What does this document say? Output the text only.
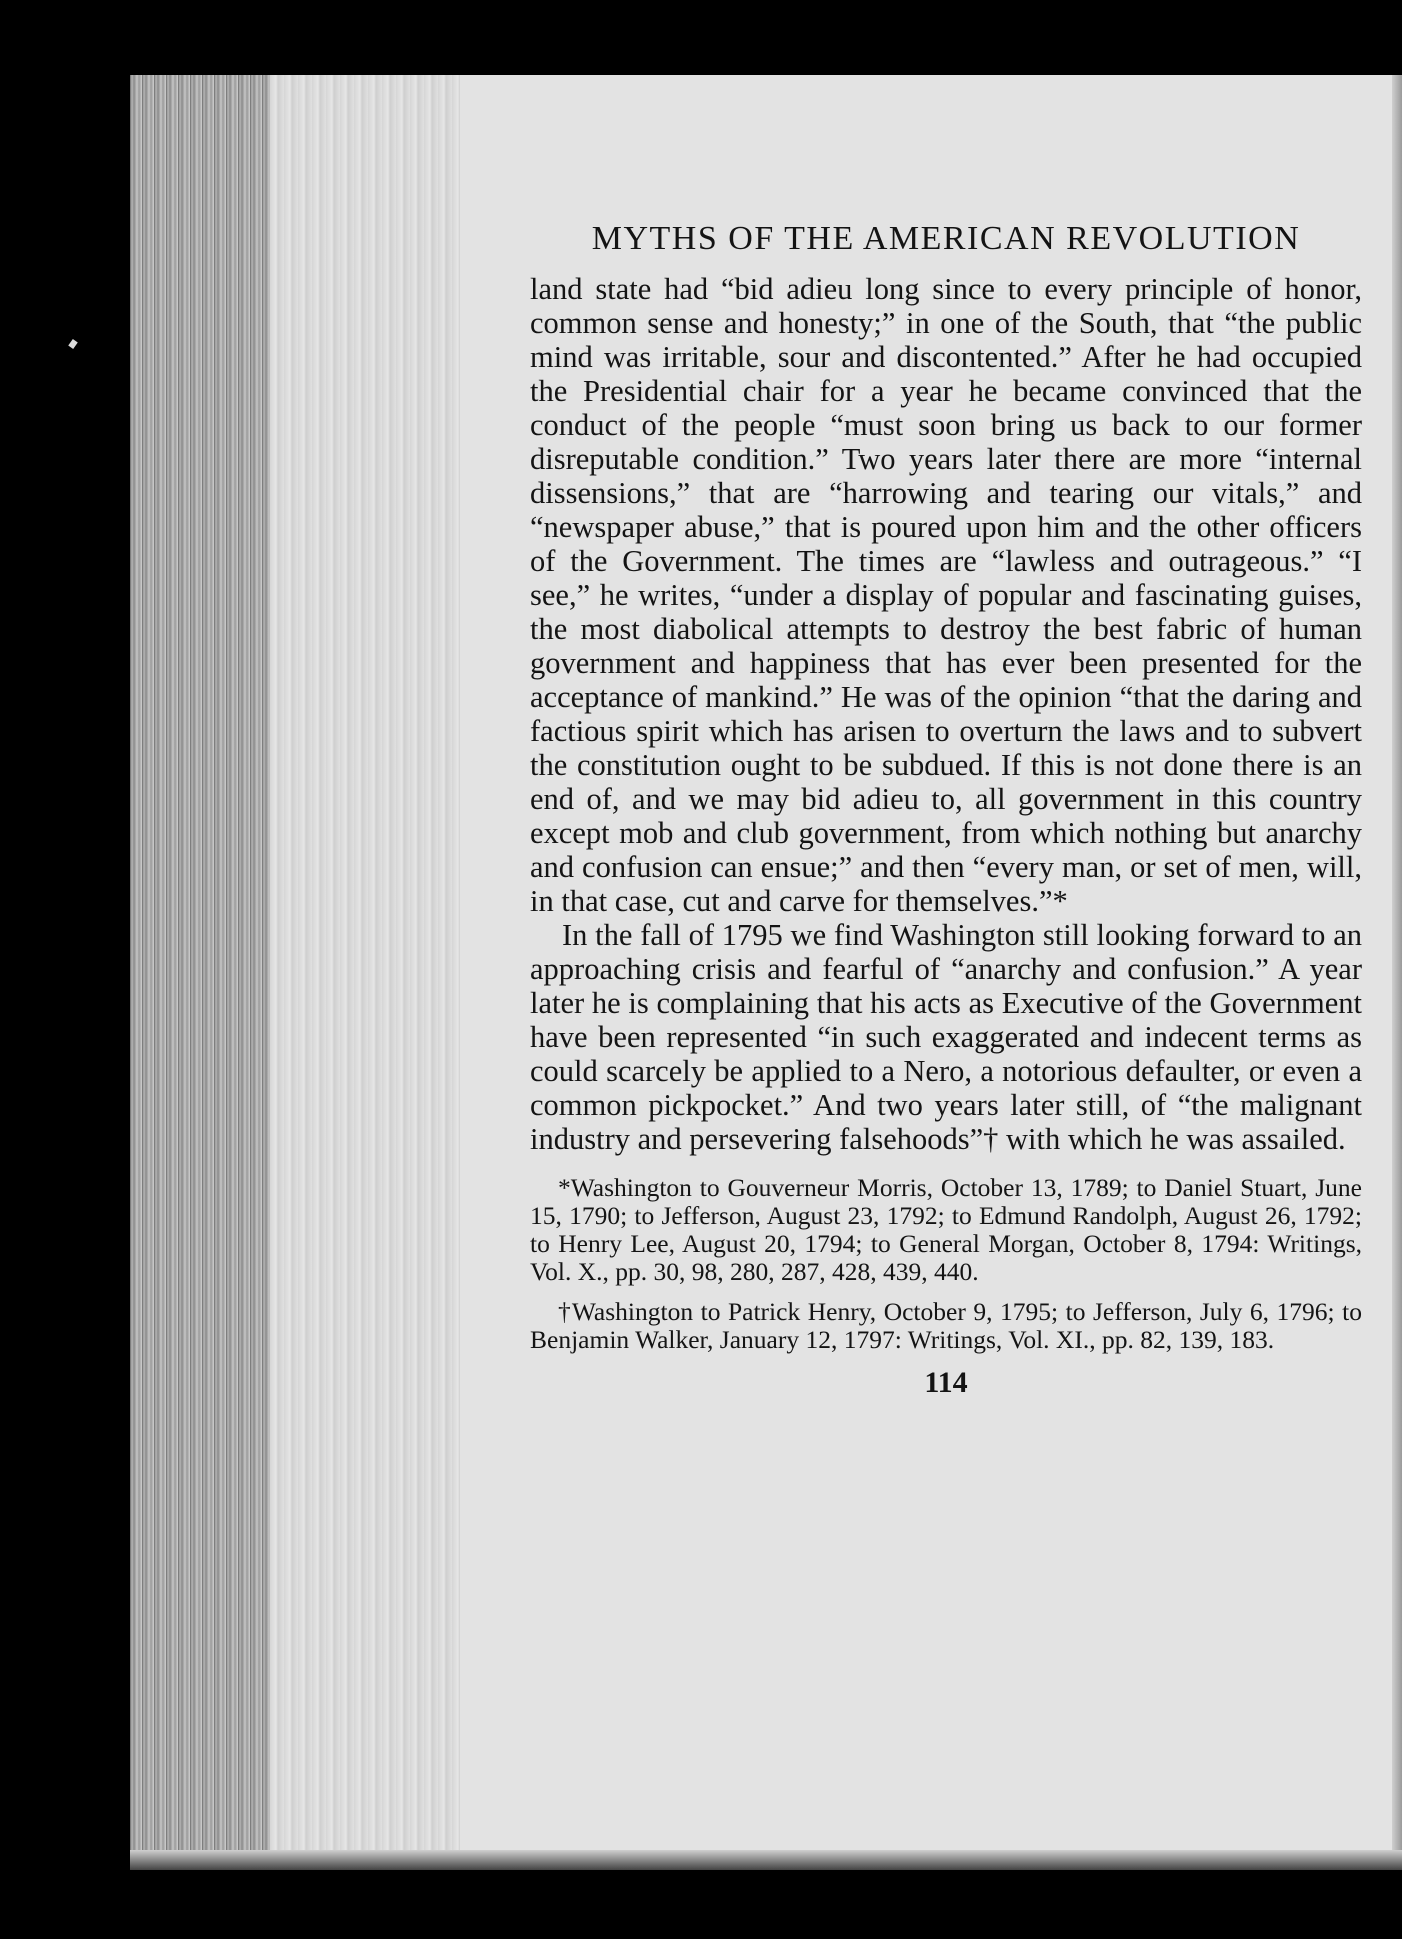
MYTHS OF THE AMERICAN REVOLUTION

land state had “bid adieu long since to every principle of honor, common sense and honesty;” in one of the South, that “the public mind was irritable, sour and discontented.” After he had occupied the Presidential chair for a year he became convinced that the conduct of the people “must soon bring us back to our former disreputable condition.” Two years later there are more “internal dissensions,” that are “harrowing and tearing our vitals,” and “newspaper abuse,” that is poured upon him and the other officers of the Government. The times are “lawless and outrageous.” “I see,” he writes, “under a display of popular and fascinating guises, the most diabolical attempts to destroy the best fabric of human government and happiness that has ever been presented for the acceptance of mankind.” He was of the opinion “that the daring and factious spirit which has arisen to overturn the laws and to subvert the constitution ought to be subdued. If this is not done there is an end of, and we may bid adieu to, all government in this country except mob and club government, from which nothing but anarchy and confusion can ensue;” and then “every man, or set of men, will, in that case, cut and carve for themselves.”*

In the fall of 1795 we find Washington still looking forward to an approaching crisis and fearful of “anarchy and confusion.” A year later he is complaining that his acts as Executive of the Government have been represented “in such exaggerated and indecent terms as could scarcely be applied to a Nero, a notorious defaulter, or even a common pickpocket.” And two years later still, of “the malignant industry and persevering falsehoods”† with which he was assailed.

*Washington to Gouverneur Morris, October 13, 1789; to Daniel Stuart, June 15, 1790; to Jefferson, August 23, 1792; to Edmund Randolph, August 26, 1792; to Henry Lee, August 20, 1794; to General Morgan, October 8, 1794: Writings, Vol. X., pp. 30, 98, 280, 287, 428, 439, 440.

†Washington to Patrick Henry, October 9, 1795; to Jefferson, July 6, 1796; to Benjamin Walker, January 12, 1797: Writings, Vol. XI., pp. 82, 139, 183.

114
